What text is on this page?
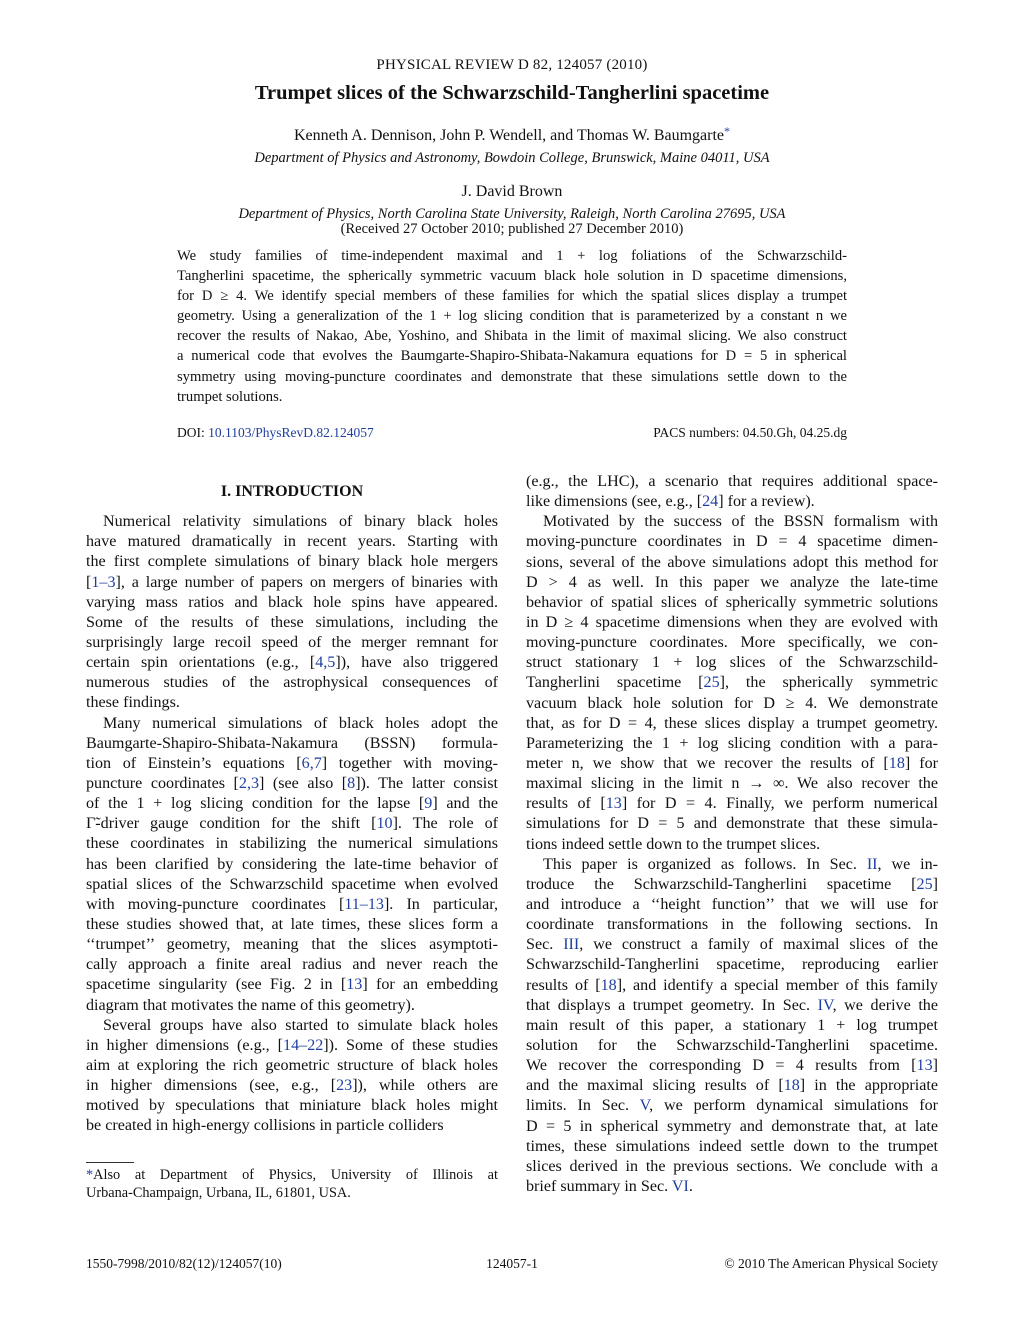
PHYSICAL REVIEW D 82, 124057 (2010)
Trumpet slices of the Schwarzschild-Tangherlini spacetime
Kenneth A. Dennison, John P. Wendell, and Thomas W. Baumgarte*
Department of Physics and Astronomy, Bowdoin College, Brunswick, Maine 04011, USA
J. David Brown
Department of Physics, North Carolina State University, Raleigh, North Carolina 27695, USA
(Received 27 October 2010; published 27 December 2010)
We study families of time-independent maximal and 1 + log foliations of the Schwarzschild-
Tangherlini spacetime, the spherically symmetric vacuum black hole solution in D spacetime dimensions,
for D ≥ 4. We identify special members of these families for which the spatial slices display a trumpet
geometry. Using a generalization of the 1 + log slicing condition that is parameterized by a constant n we
recover the results of Nakao, Abe, Yoshino, and Shibata in the limit of maximal slicing. We also construct
a numerical code that evolves the Baumgarte-Shapiro-Shibata-Nakamura equations for D = 5 in spherical
symmetry using moving-puncture coordinates and demonstrate that these simulations settle down to the
trumpet solutions.
DOI: 10.1103/PhysRevD.82.124057	PACS numbers: 04.50.Gh, 04.25.dg
I. INTRODUCTION
Numerical relativity simulations of binary black holes
have matured dramatically in recent years. Starting with
the first complete simulations of binary black hole mergers
[1–3], a large number of papers on mergers of binaries with
varying mass ratios and black hole spins have appeared.
Some of the results of these simulations, including the
surprisingly large recoil speed of the merger remnant for
certain spin orientations (e.g., [4,5]), have also triggered
numerous studies of the astrophysical consequences of
these findings.
Many numerical simulations of black holes adopt the
Baumgarte-Shapiro-Shibata-Nakamura (BSSN) formula-
tion of Einstein’s equations [6,7] together with moving-
puncture coordinates [2,3] (see also [8]). The latter consist
of the 1 + log slicing condition for the lapse [9] and the
Γ̃-driver gauge condition for the shift [10]. The role of
these coordinates in stabilizing the numerical simulations
has been clarified by considering the late-time behavior of
spatial slices of the Schwarzschild spacetime when evolved
with moving-puncture coordinates [11–13]. In particular,
these studies showed that, at late times, these slices form a
‘‘trumpet’’ geometry, meaning that the slices asymptoti-
cally approach a finite areal radius and never reach the
spacetime singularity (see Fig. 2 in [13] for an embedding
diagram that motivates the name of this geometry).
Several groups have also started to simulate black holes
in higher dimensions (e.g., [14–22]). Some of these studies
aim at exploring the rich geometric structure of black holes
in higher dimensions (see, e.g., [23]), while others are
motived by speculations that miniature black holes might
be created in high-energy collisions in particle colliders
(e.g., the LHC), a scenario that requires additional space-
like dimensions (see, e.g., [24] for a review).
Motivated by the success of the BSSN formalism with
moving-puncture coordinates in D = 4 spacetime dimen-
sions, several of the above simulations adopt this method for
D > 4 as well. In this paper we analyze the late-time
behavior of spatial slices of spherically symmetric solutions
in D ≥ 4 spacetime dimensions when they are evolved with
moving-puncture coordinates. More specifically, we con-
struct stationary 1 + log slices of the Schwarzschild-
Tangherlini spacetime [25], the spherically symmetric
vacuum black hole solution for D ≥ 4. We demonstrate
that, as for D = 4, these slices display a trumpet geometry.
Parameterizing the 1 + log slicing condition with a para-
meter n, we show that we recover the results of [18] for
maximal slicing in the limit n → ∞. We also recover the
results of [13] for D = 4. Finally, we perform numerical
simulations for D = 5 and demonstrate that these simula-
tions indeed settle down to the trumpet slices.
This paper is organized as follows. In Sec. II, we in-
troduce the Schwarzschild-Tangherlini spacetime [25]
and introduce a ‘‘height function’’ that we will use for
coordinate transformations in the following sections. In
Sec. III, we construct a family of maximal slices of the
Schwarzschild-Tangherlini spacetime, reproducing earlier
results of [18], and identify a special member of this family
that displays a trumpet geometry. In Sec. IV, we derive the
main result of this paper, a stationary 1 + log trumpet
solution for the Schwarzschild-Tangherlini spacetime.
We recover the corresponding D = 4 results from [13]
and the maximal slicing results of [18] in the appropriate
limits. In Sec. V, we perform dynamical simulations for
D = 5 in spherical symmetry and demonstrate that, at late
times, these simulations indeed settle down to the trumpet
slices derived in the previous sections. We conclude with a
brief summary in Sec. VI.
*Also at Department of Physics, University of Illinois at
Urbana-Champaign, Urbana, IL, 61801, USA.
1550-7998/2010/82(12)/124057(10)	124057-1	© 2010 The American Physical Society
